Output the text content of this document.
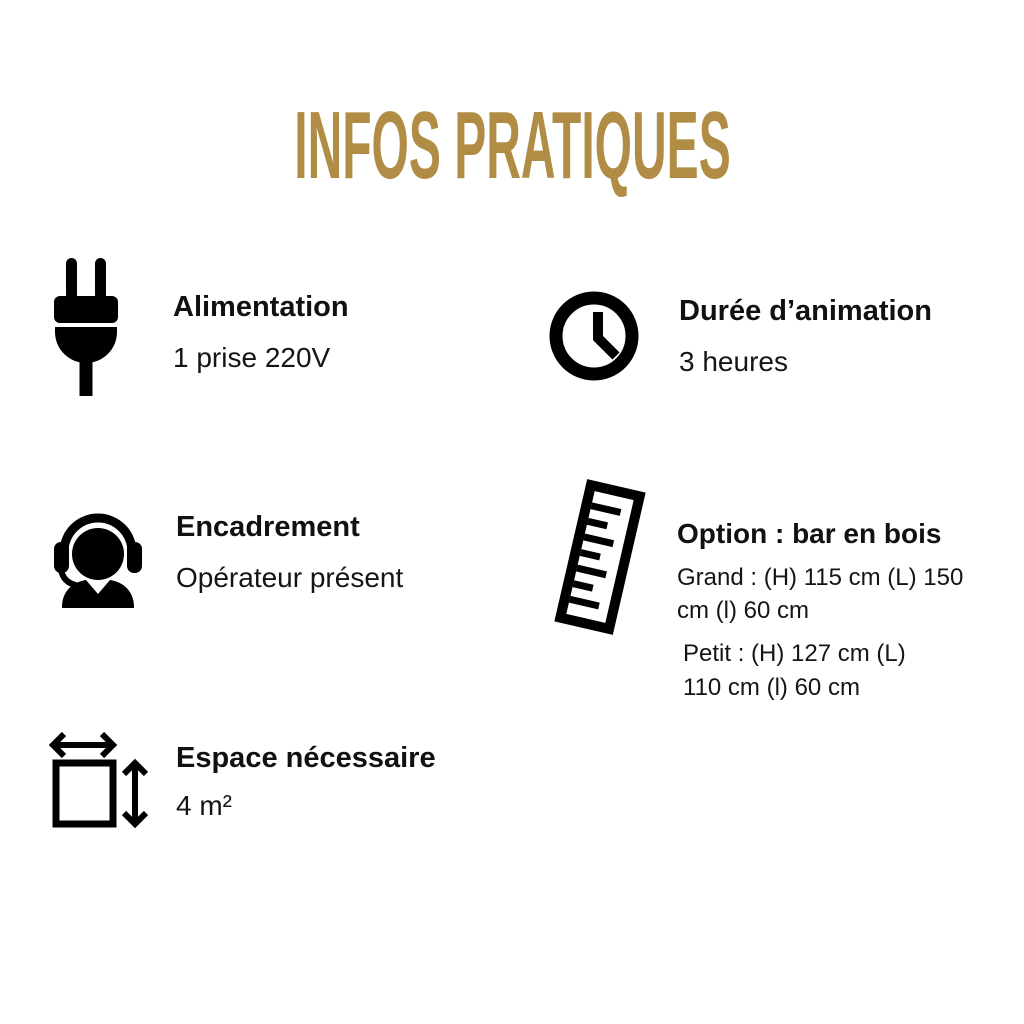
INFOS PRATIQUES
Alimentation
1 prise 220V
Durée d’animation
3 heures
Encadrement
Opérateur présent
Option : bar en bois
Grand : (H) 115 cm (L) 150 cm (l) 60 cm
Petit : (H) 127 cm (L) 110 cm (l) 60 cm
Espace nécessaire
4 m²
